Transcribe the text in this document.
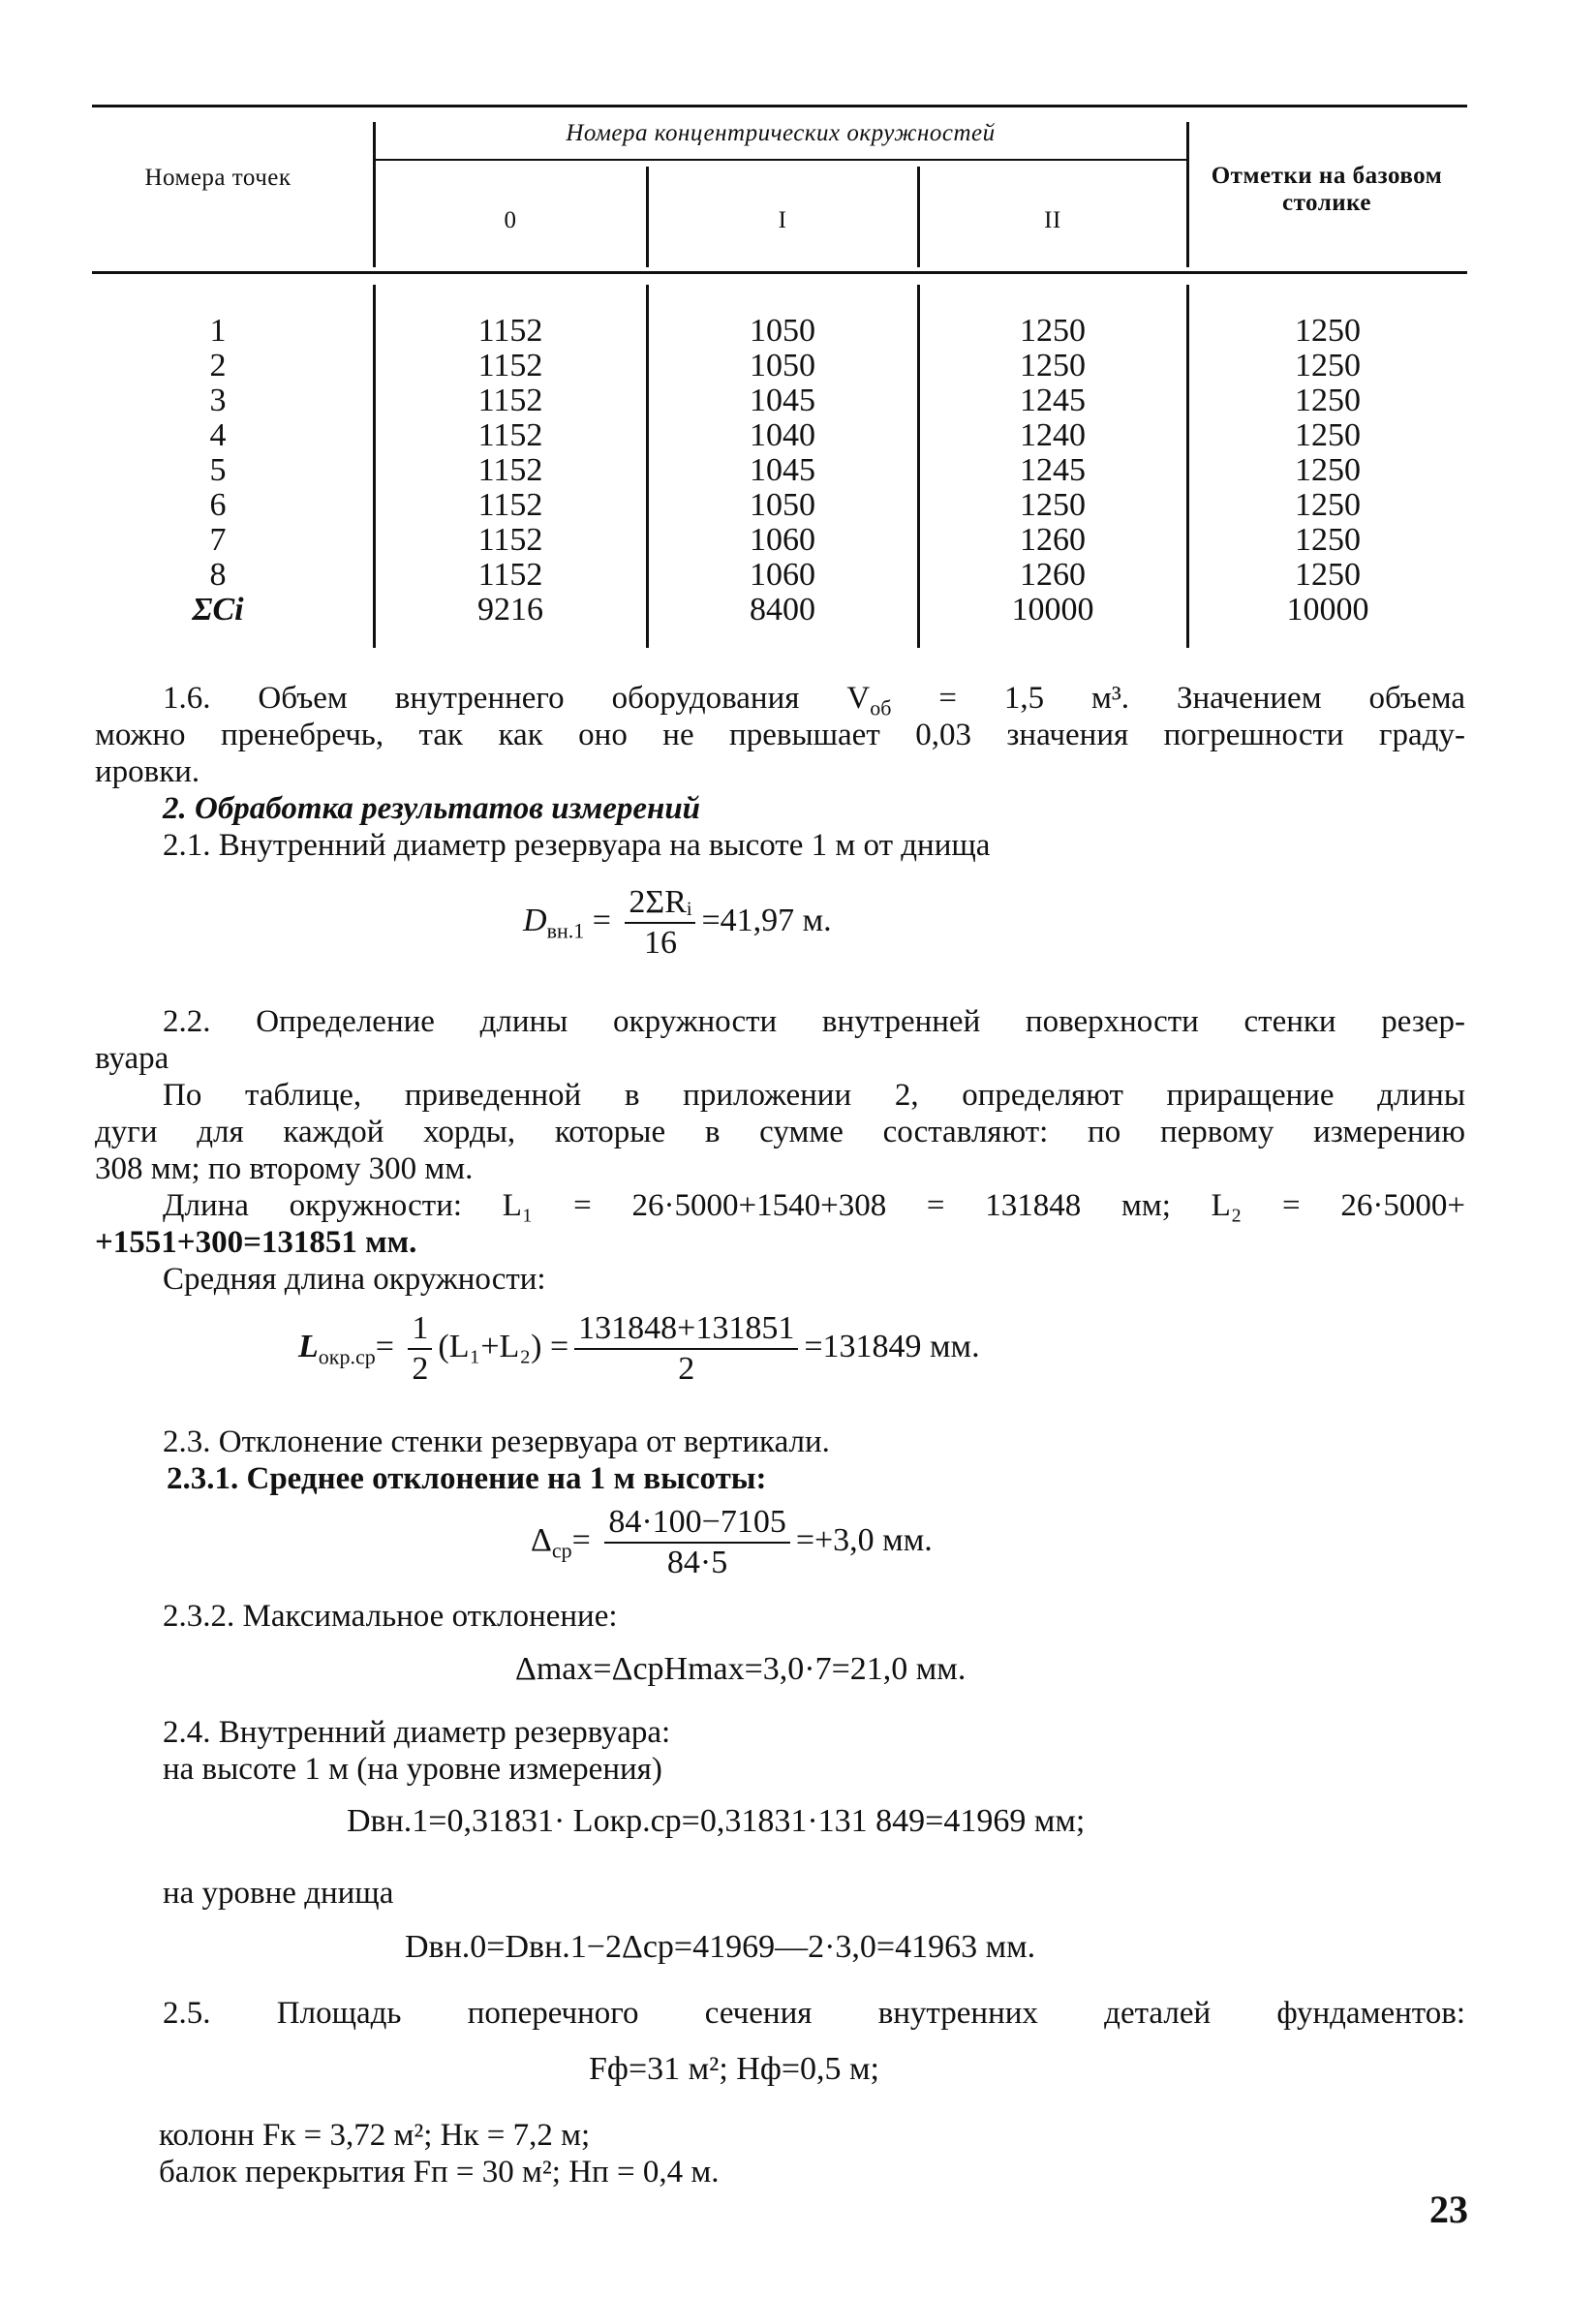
Номера точек
Номера концентрических окружностей
0	I	II
Отметки на базовом столике
1
2
3
4
5
6
7
8
ΣCi
1152
1152
1152
1152
1152
1152
1152
1152
9216
1050
1050
1045
1040
1045
1050
1060
1060
8400
1250
1250
1245
1240
1245
1250
1260
1260
10000
1250
1250
1250
1250
1250
1250
1250
1250
10000
1.6. Объем внутреннего оборудования $V_{об} = 1,5$ м³. Значением объема
можно пренебречь, так как оно не превышает 0,03 значения погрешности граду-
ировки.
2. Обработка результатов измерений
2.1. Внутренний диаметр резервуара на высоте 1 м от днища
$D_{вн.1} = \frac{\text{2ΣRᵢ}}{16} =41,97$ м.
2.2. Определение длины окружности внутренней поверхности стенки резер-
вуара
По таблице, приведенной в приложении 2, определяют приращение длины
дуги для каждой хорды, которые в сумме составляют: по первому измерению
308 мм; по второму 300 мм.
Длина окружности: L₁ = 26·5000+1540+308 = 131848 мм; L₂ = 26·5000+
+1551+300=131851 мм.
Средняя длина окружности:
$L_{окр.ср}= \frac{1}{2} (L_1+L_2) = \frac{131848+131851}{2} =131849$ мм.
2.3. Отклонение стенки резервуара от вертикали.
2.3.1. Среднее отклонение на 1 м высоты:
$\Delta_{ср}= \frac{84\cdot 100-7105}{84\cdot 5} =+3,0$ мм.
2.3.2. Максимальное отклонение:
Δmax=ΔсрHmax=3,0·7=21,0 мм.
2.4. Внутренний диаметр резервуара:
на высоте 1 м (на уровне измерения)
Dвн.1=0,31831· Lокр.ср=0,31831·131 849=41969 мм;
на уровне днища
Dвн.0=Dвн.1−2Δср=41969—2·3,0=41963 мм.
2.5. Площадь поперечного сечения внутренних деталей фундаментов:
Fф=31 м²; Hф=0,5 м;
колонн Fк = 3,72 м²; Hк = 7,2 м;
балок перекрытия Fп = 30 м²; Hп = 0,4 м.
23
